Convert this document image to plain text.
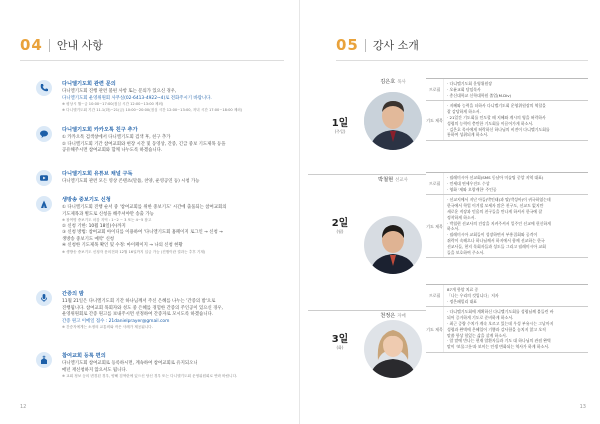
04 안내 사항
다니엘기도회 관련 문의
다니엘기도회 진행 관련 불편 사항 또는 문의가 있으신 경우,
다니엘기도회 운영위원회 사무실(02-6413-4922~4)로 전화주시기 바랍니다.
※ 평상시 월~금 10:00~17:00(점심 시간 12:00~13:00 제외)
※ 다니엘기도회 기간 11.1(화)~21(금) 10:00~20:00(점심 시간 12:00~13:00, 저녁 시간 17:00~18:00 제외)
다니엘기도회 카카오톡 친구 추가
① 카카오톡 검색창에서 다니엘기도회 검색 후, 친구 추가
② 다니엘기도회 기간 참여교회와 현장 시간 및 동영상, 간증, 긴급 중보 기도제목 등을
공유해주시면 참여교회와 함께 나누도록 하겠습니다.
다니엘기도회 유튜브 채널 구독
다니엘기도회 관련 모든 영상 콘텐츠(말씀, 찬양, 운영공연 등) 시청 가능
생방송 중보기도 신청
① 다니엘기도회 진행 순서 중 '참여교회를 위한 중보기도' 시간에 출품되는 참여교회의
기도제목과 별도로 신청을 해주셔야만 송출 가능
※ 참여명 중보기도 마감 지역 : 1~2 ~ 3 또는 4~5 참고
② 신청 기한: 10월 18일(수)까지
③ 신청 방법: 참여교회 아이디를 이용하여 '다니엘기도회 홈페이지 로그인 → 신청 →
생방송 중보기도 예약' 신청
④ 신청한 기도제목 확인 및 수정: 마이페이지 → 나의 신청 현황
※ 생방송 중보기도 신청자 문의전화 12월 16일까지 입금 가능 (진행이란 결과는 추후 기재)
간증의 밤
11월 21일은 다니엘기도회 기간 하나님께서 주신 은혜를 나누는 '간증의 밤'으로
진행됩니다. 참여교회 목회자와 성도 중 은혜를 경험한 간증의 주인공이 있으신 경우,
운영위원회로 간증 원고를 보내주시면 선정하여 간증자로 모시도록 하겠습니다.
간증 원고 이메일 접수 : 21danielprayer@gmail.com
※ 간증자에게는 소정의 교통비와 작은 사례가 제공됩니다.
참여교회 등록 편의
다니엘기도회 참여교회로 등록하시면, 계속하여 참여교회로 유지되오니
매년 재신청하지 않으셔도 됩니다.
※ 교회 정보 등의 변경된 경우, 양해 검색란에 있으신 당신 경우 또는 다니엘기도회 운영위원회로 연락 바랍니다.
12
05 강사 소개
1일
(주일)
김은호 목사
프로필
· 다니엘기도회 운영위원장
· 오륜교회 담임목사
· 총신대학교 신학대학원 졸업(M.Div)
기도 제목
· 지혜와 능력을 더하사 다니엘기도회 운영위원장의 역할을
잘 감당하게 하소서.
· 21일간 기도회를 인도할 때 지혜와 계시의 영을 허락하사
성령의 능력이 충만한 기도회를 이끌어가게 하소서.
· 김은호 목사에게 허락하신 하나님의 비전이 다니엘기도회를
통하여 성취되게 하소서.
2일
(월)
박철현 선교사
프로필
· 필레미시아 선교회(SMS 동남아 미술팀 중앙 지역 대표)
· 언세대 연세우진도 수상
· 영화 '제와 오랑캐한' 주인공
기도 제목
· 선교지에서 지난 아들(박인태)과 딸(박성아)이 귀국하였는데
한국에서 학업 이겨낼 모세자 많은 친구도, 선교도 없지만
새로운 직장과 믿음의 친구들을 만나게 하셔서 한국에 잘
정착하게 하소서.
· 박철현 선교사의 건강을 지켜주셔서 일주인 선교에 헌신하게
하소서.
· 필레미시아 교회들이 성장하면서 부흥집회와 공격이
쥐락이 속해으나 하나님께서 하지에서 함께 선교하는 한국
선교사들, 현지 목회자들과 성도들 그리고 필레미시아 교회
들을 보호하여 주소서.
3일
(화)
천정은 자매
프로필
87개 항암 치료 중
「나는 우리의 것입니다」저자
· 정은패밀리 대표
기도 제목
· 다니엘기도회에 계획하신 다니엘기도회를 성령님께 붙들린 바
되어 증거하게 기도로 준비하게 하소서.
· 최근 증량 수치가 계속 오르고 있는데 우성 부유시는 그날까지
성령과 완벽에 은혜입어 기쁨과 감사함을 놓치지 않고 오직
말씀 항상 힘있는 삶을 살게 하소서.
· 암 말에 만나는 현재 암환자들과 기도 대 하나님의 관점 완벽
말이 '보물그릇'과 보이는 인생 변화되는 역사가 하게 하소서.
13
